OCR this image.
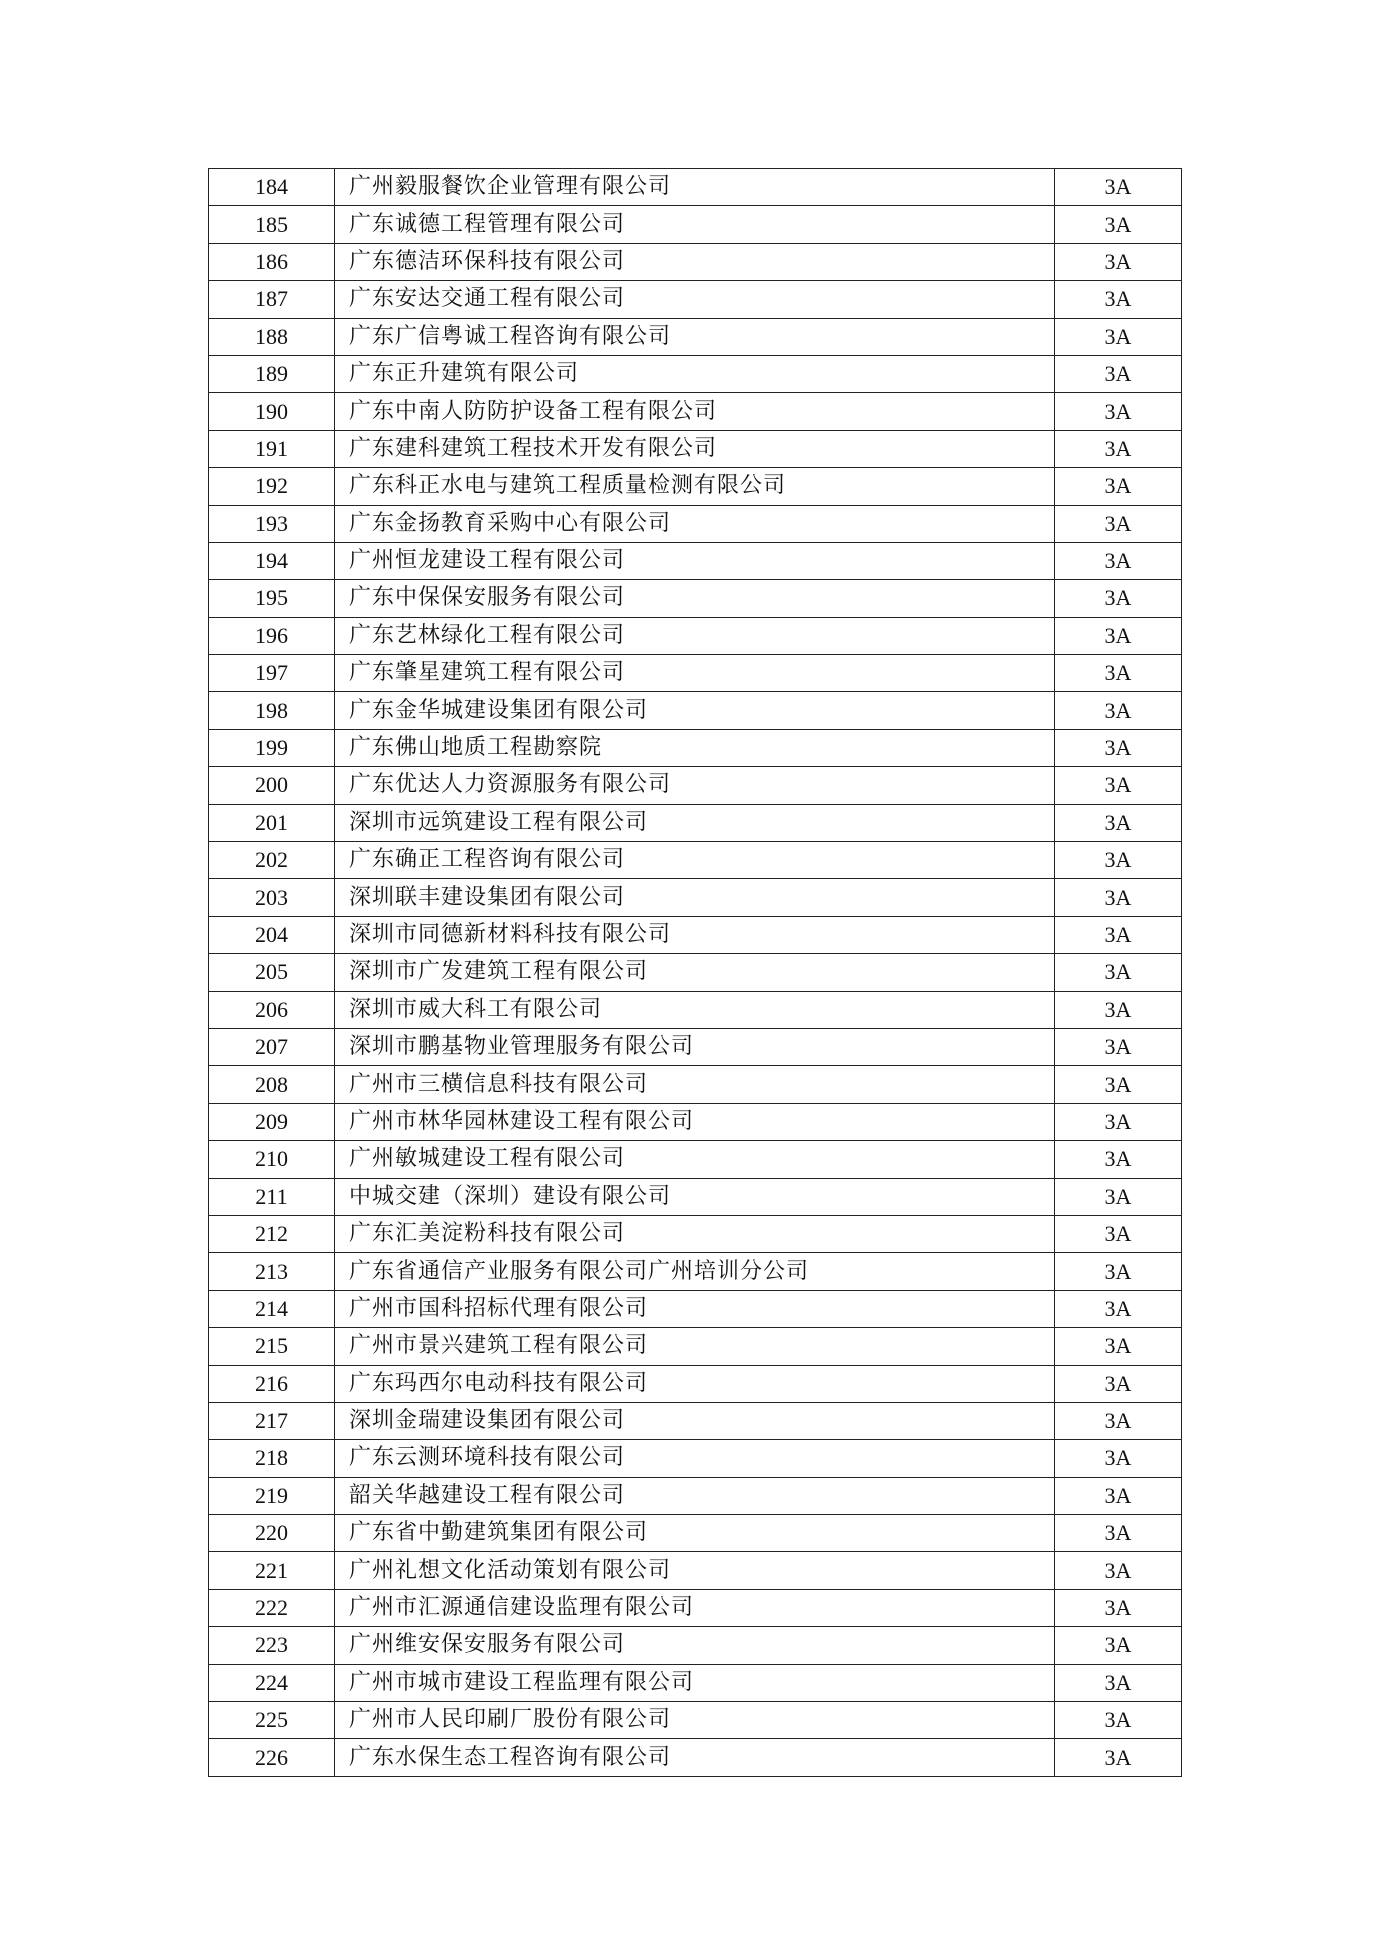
184	广州毅服餐饮企业管理有限公司	3A
185	广东诚德工程管理有限公司	3A
186	广东德洁环保科技有限公司	3A
187	广东安达交通工程有限公司	3A
188	广东广信粤诚工程咨询有限公司	3A
189	广东正升建筑有限公司	3A
190	广东中南人防防护设备工程有限公司	3A
191	广东建科建筑工程技术开发有限公司	3A
192	广东科正水电与建筑工程质量检测有限公司	3A
193	广东金扬教育采购中心有限公司	3A
194	广州恒龙建设工程有限公司	3A
195	广东中保保安服务有限公司	3A
196	广东艺林绿化工程有限公司	3A
197	广东肇星建筑工程有限公司	3A
198	广东金华城建设集团有限公司	3A
199	广东佛山地质工程勘察院	3A
200	广东优达人力资源服务有限公司	3A
201	深圳市远筑建设工程有限公司	3A
202	广东确正工程咨询有限公司	3A
203	深圳联丰建设集团有限公司	3A
204	深圳市同德新材料科技有限公司	3A
205	深圳市广发建筑工程有限公司	3A
206	深圳市威大科工有限公司	3A
207	深圳市鹏基物业管理服务有限公司	3A
208	广州市三横信息科技有限公司	3A
209	广州市林华园林建设工程有限公司	3A
210	广州敏城建设工程有限公司	3A
211	中城交建（深圳）建设有限公司	3A
212	广东汇美淀粉科技有限公司	3A
213	广东省通信产业服务有限公司广州培训分公司	3A
214	广州市国科招标代理有限公司	3A
215	广州市景兴建筑工程有限公司	3A
216	广东玛西尔电动科技有限公司	3A
217	深圳金瑞建设集团有限公司	3A
218	广东云测环境科技有限公司	3A
219	韶关华越建设工程有限公司	3A
220	广东省中勤建筑集团有限公司	3A
221	广州礼想文化活动策划有限公司	3A
222	广州市汇源通信建设监理有限公司	3A
223	广州维安保安服务有限公司	3A
224	广州市城市建设工程监理有限公司	3A
225	广州市人民印刷厂股份有限公司	3A
226	广东水保生态工程咨询有限公司	3A
